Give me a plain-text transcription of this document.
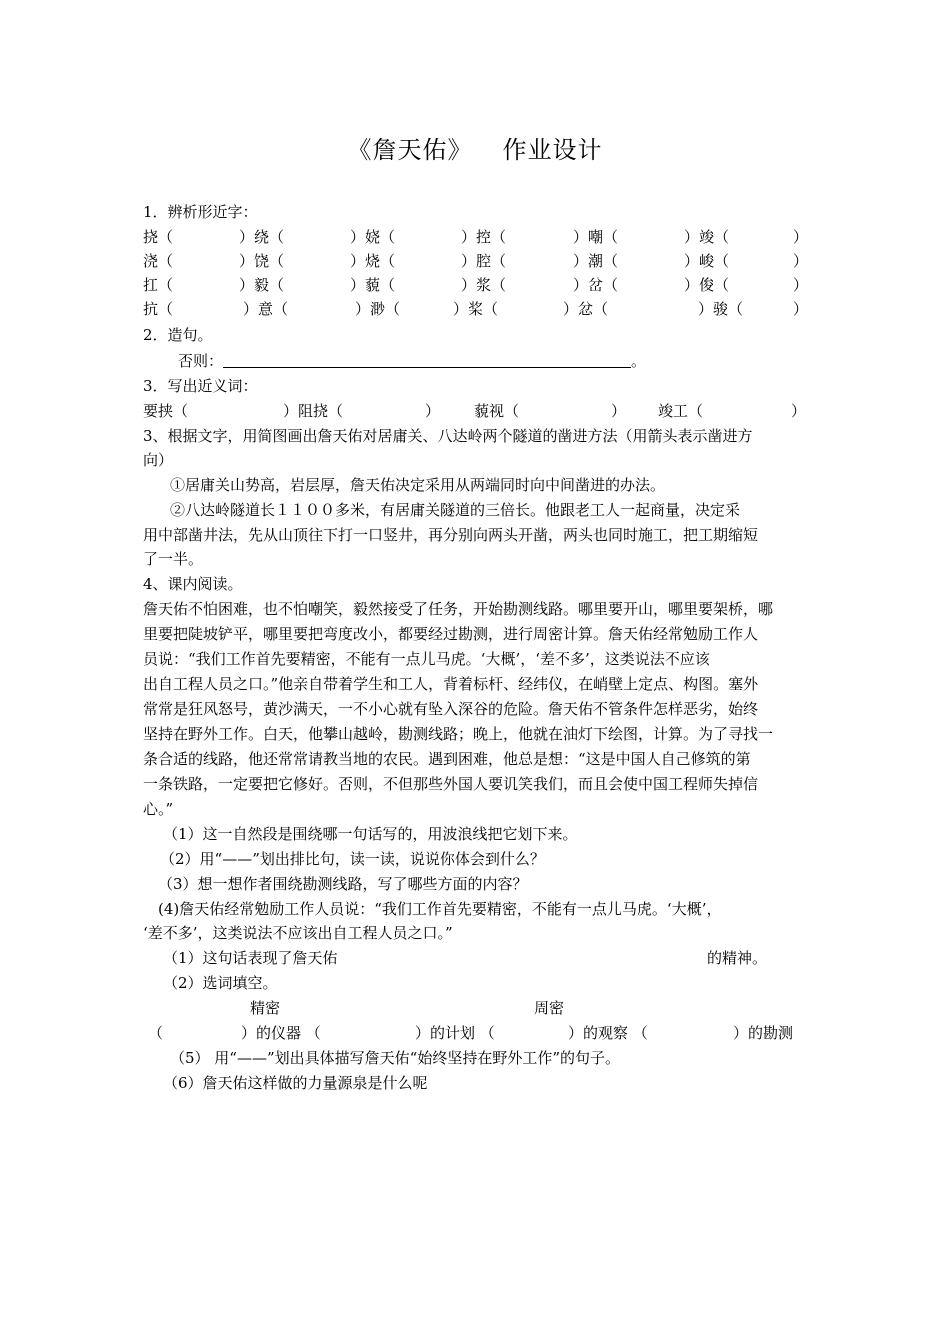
《詹天佑》 作业设计
1．辨析形近字：
挠（	）绕（	）娆（	）控（	）嘲（	）竣（	）
浇（	）饶（	）烧（	）腔（	）潮（	）峻（	）
扛（	）毅（	）藐（	）浆（	）岔（	）俊（	）
抗（	）意（	）渺（	）桨（	）忿（	）骏（	）
2．造句。
否则：	。
3．写出近义词：
要挟（	）阻挠（	） 藐视（	） 竣工（	）
3、根据文字，用简图画出詹天佑对居庸关、八达岭两个隧道的凿进方法（用箭头表示凿进方
向）
①居庸关山势高，岩层厚，詹天佑决定采用从两端同时向中间凿进的办法。
②八达岭隧道长１１００多米，有居庸关隧道的三倍长。他跟老工人一起商量，决定采
用中部凿井法，先从山顶往下打一口竖井，再分别向两头开凿，两头也同时施工，把工期缩短
了一半。
4、课内阅读。
詹天佑不怕困难，也不怕嘲笑，毅然接受了任务，开始勘测线路。哪里要开山，哪里要架桥，哪
里要把陡坡铲平，哪里要把弯度改小，都要经过勘测，进行周密计算。詹天佑经常勉励工作人
员说：“我们工作首先要精密，不能有一点儿马虎。‘大概’，‘差不多’，这类说法不应该
出自工程人员之口。”他亲自带着学生和工人，背着标杆、经纬仪，在峭壁上定点、构图。塞外
常常是狂风怒号，黄沙满天，一不小心就有坠入深谷的危险。詹天佑不管条件怎样恶劣，始终
坚持在野外工作。白天，他攀山越岭，勘测线路；晚上，他就在油灯下绘图，计算。为了寻找一
条合适的线路，他还常常请教当地的农民。遇到困难，他总是想：“这是中国人自己修筑的第
一条铁路，一定要把它修好。否则，不但那些外国人要讥笑我们，而且会使中国工程师失掉信
心。”
（1）这一自然段是围绕哪一句话写的，用波浪线把它划下来。
（2）用“——”划出排比句，读一读，说说你体会到什么？
（3）想一想作者围绕勘测线路，写了哪些方面的内容？
(4)詹天佑经常勉励工作人员说：“我们工作首先要精密，不能有一点儿马虎。‘大概’，
‘差不多’，这类说法不应该出自工程人员之口。”
（1）这句话表现了詹天佑	的精神。
（2）选词填空。
精密	周密
（	）的仪器 （	）的计划 （	）的观察 （	）的勘测
（5） 用“——”划出具体描写詹天佑“始终坚持在野外工作”的句子。
（6）詹天佑这样做的力量源泉是什么呢
